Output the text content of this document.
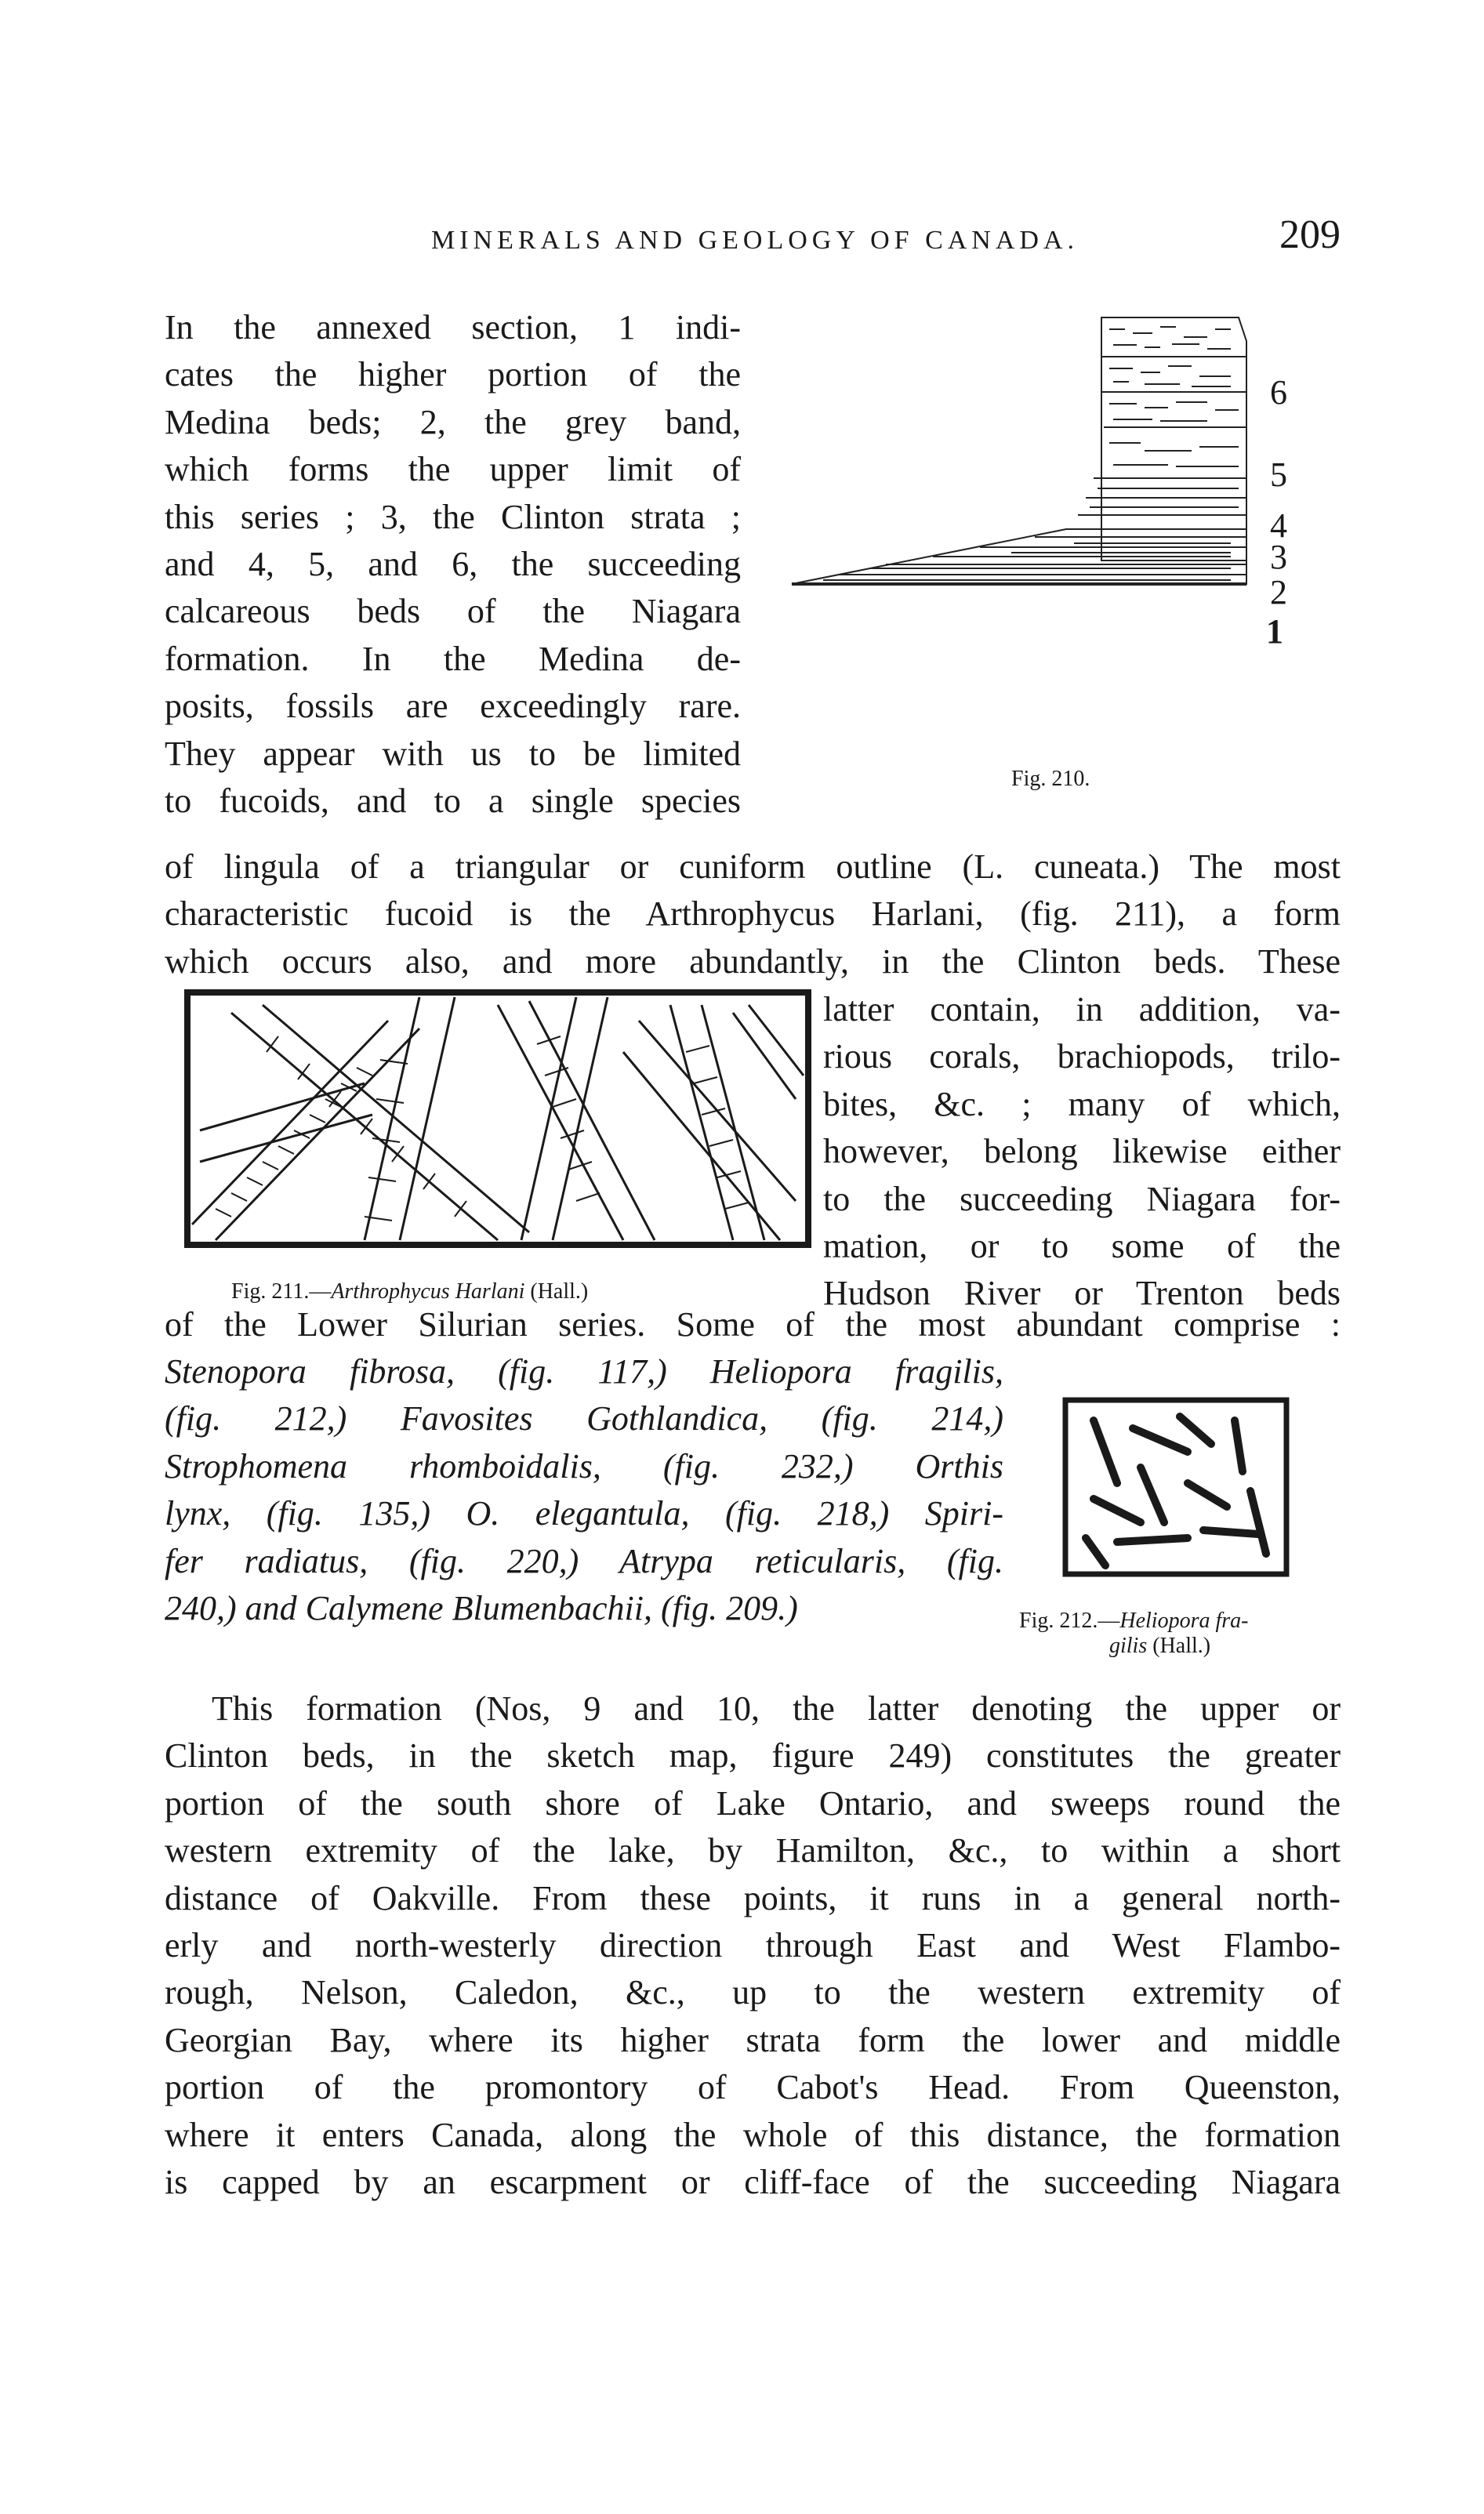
MINERALS AND GEOLOGY OF CANADA.	209
In the annexed section, 1 indi-
cates the higher portion of the
Medina beds; 2, the grey band,
which forms the upper limit of
this series ; 3, the Clinton strata ;
and 4, 5, and 6, the succeeding
calcareous beds of the Niagara
formation. In the Medina de-
posits, fossils are exceedingly rare.
They appear with us to be limited
to fucoids, and to a single species
6
5
4
3
2
1
Fig. 210.
of lingula of a triangular or cuniform outline (L. cuneata.) The most
characteristic fucoid is the Arthrophycus Harlani, (fig. 211), a form
which occurs also, and more abundantly, in the Clinton beds. These
Fig. 211.—Arthrophycus Harlani (Hall.)
latter contain, in addition, va-
rious corals, brachiopods, trilo-
bites, &c. ; many of which,
however, belong likewise either
to the succeeding Niagara for-
mation, or to some of the
Hudson River or Trenton beds
of the Lower Silurian series. Some of the most abundant comprise :
Stenopora fibrosa, (fig. 117,) Heliopora fragilis,
(fig. 212,) Favosites Gothlandica, (fig. 214,)
Strophomena rhomboidalis, (fig. 232,) Orthis
lynx, (fig. 135,) O. elegantula, (fig. 218,) Spiri-
fer radiatus, (fig. 220,) Atrypa reticularis, (fig.
240,) and Calymene Blumenbachii, (fig. 209.)	Fig. 212.—Heliopora fra-
gilis (Hall.)
This formation (Nos, 9 and 10, the latter denoting the upper or
Clinton beds, in the sketch map, figure 249) constitutes the greater
portion of the south shore of Lake Ontario, and sweeps round the
western extremity of the lake, by Hamilton, &c., to within a short
distance of Oakville. From these points, it runs in a general north-
erly and north-westerly direction through East and West Flambo-
rough, Nelson, Caledon, &c., up to the western extremity of
Georgian Bay, where its higher strata form the lower and middle
portion of the promontory of Cabot's Head. From Queenston,
where it enters Canada, along the whole of this distance, the formation
is capped by an escarpment or cliff-face of the succeeding Niagara
